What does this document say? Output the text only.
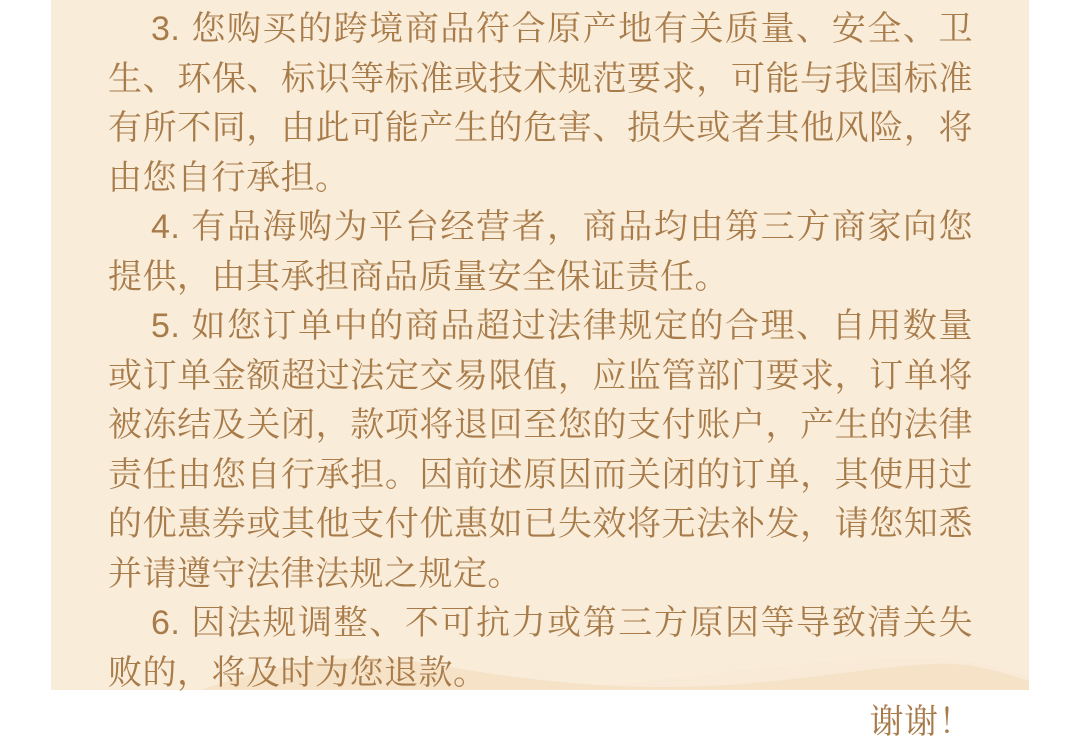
3. 您购买的跨境商品符合原产地有关质量、安全、卫生、环保、标识等标准或技术规范要求，可能与我国标准有所不同，由此可能产生的危害、损失或者其他风险，将由您自行承担。

4. 有品海购为平台经营者，商品均由第三方商家向您提供，由其承担商品质量安全保证责任。

5. 如您订单中的商品超过法律规定的合理、自用数量或订单金额超过法定交易限值，应监管部门要求，订单将被冻结及关闭，款项将退回至您的支付账户，产生的法律责任由您自行承担。因前述原因而关闭的订单，其使用过的优惠券或其他支付优惠如已失效将无法补发，请您知悉并请遵守法律法规之规定。

6. 因法规调整、不可抗力或第三方原因等导致清关失败的，将及时为您退款。

谢谢！
